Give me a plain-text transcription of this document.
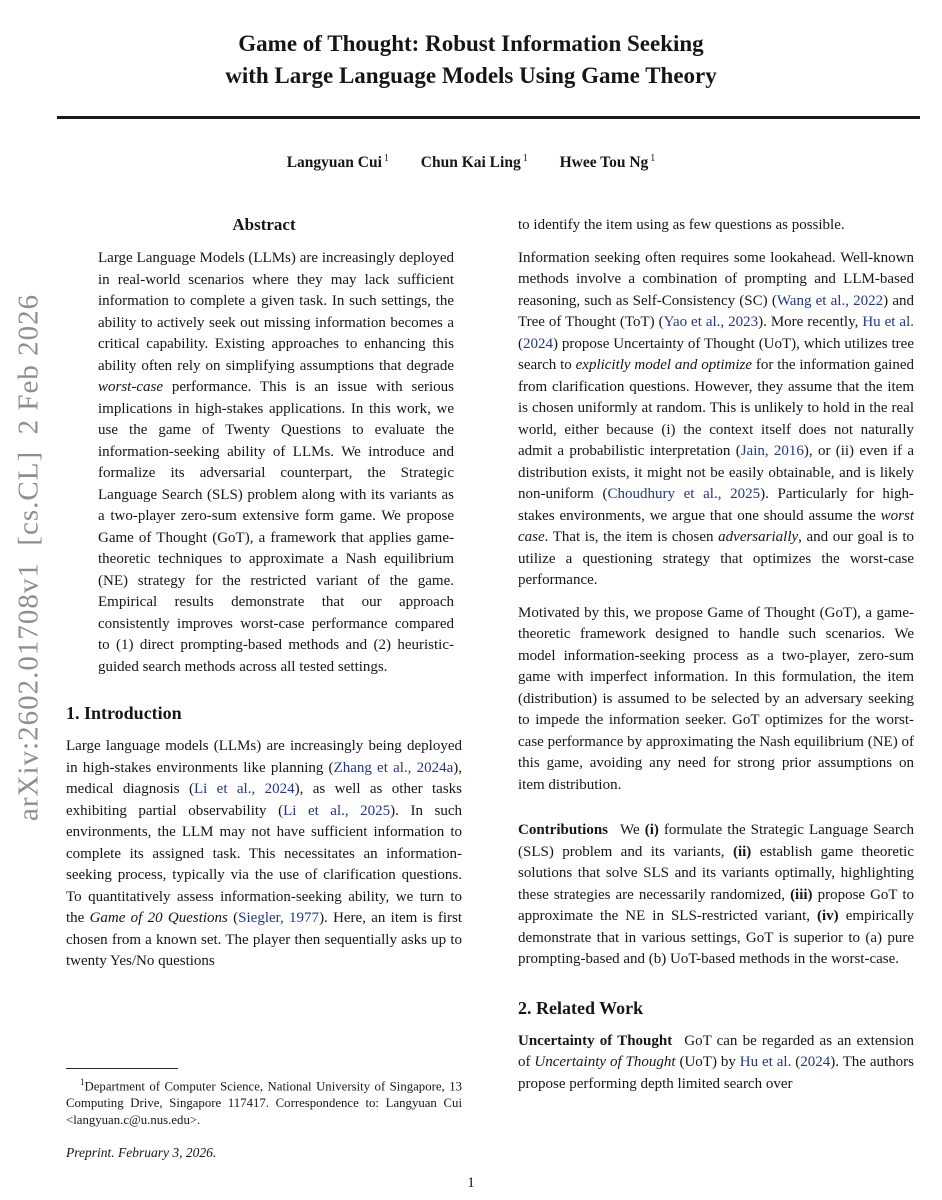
arXiv:2602.01708v1  [cs.CL]  2 Feb 2026
Game of Thought: Robust Information Seeking
with Large Language Models Using Game Theory
Langyuan Cui $^1$ Chun Kai Ling $^1$ Hwee Tou Ng $^1$
Abstract

Large Language Models (LLMs) are increasingly deployed in real-world scenarios where they may lack sufficient information to complete a given task. In such settings, the ability to actively seek out missing information becomes a critical capability. Existing approaches to enhancing this ability often rely on simplifying assumptions that degrade worst-case performance. This is an issue with serious implications in high-stakes applications. In this work, we use the game of Twenty Questions to evaluate the information-seeking ability of LLMs. We introduce and formalize its adversarial counterpart, the Strategic Language Search (SLS) problem along with its variants as a two-player zero-sum extensive form game. We propose Game of Thought (GoT), a framework that applies game-theoretic techniques to approximate a Nash equilibrium (NE) strategy for the restricted variant of the game. Empirical results demonstrate that our approach consistently improves worst-case performance compared to (1) direct prompting-based methods and (2) heuristic-guided search methods across all tested settings.

1. Introduction

Large language models (LLMs) are increasingly being deployed in high-stakes environments like planning (Zhang et al., 2024a), medical diagnosis (Li et al., 2024), as well as other tasks exhibiting partial observability (Li et al., 2025). In such environments, the LLM may not have sufficient information to complete its assigned task. This necessitates an information-seeking process, typically via the use of clarification questions. To quantitatively assess information-seeking ability, we turn to the Game of 20 Questions (Siegler, 1977). Here, an item is first chosen from a known set. The player then sequentially asks up to twenty Yes/No questions

$^1$Department of Computer Science, National University of Singapore, 13 Computing Drive, Singapore 117417. Correspondence to: Langyuan Cui <langyuan.c@u.nus.edu>.

Preprint. February 3, 2026.

to identify the item using as few questions as possible.

Information seeking often requires some lookahead. Well-known methods involve a combination of prompting and LLM-based reasoning, such as Self-Consistency (SC) (Wang et al., 2022) and Tree of Thought (ToT) (Yao et al., 2023). More recently, Hu et al. (2024) propose Uncertainty of Thought (UoT), which utilizes tree search to explicitly model and optimize for the information gained from clarification questions. However, they assume that the item is chosen uniformly at random. This is unlikely to hold in the real world, either because (i) the context itself does not naturally admit a probabilistic interpretation (Jain, 2016), or (ii) even if a distribution exists, it might not be easily obtainable, and is likely non-uniform (Choudhury et al., 2025). Particularly for high-stakes environments, we argue that one should assume the worst case. That is, the item is chosen adversarially, and our goal is to utilize a questioning strategy that optimizes the worst-case performance.

Motivated by this, we propose Game of Thought (GoT), a game-theoretic framework designed to handle such scenarios. We model information-seeking process as a two-player, zero-sum game with imperfect information. In this formulation, the item (distribution) is assumed to be selected by an adversary seeking to impede the information seeker. GoT optimizes for the worst-case performance by approximating the Nash equilibrium (NE) of this game, avoiding any need for strong prior assumptions on item distribution.

Contributions We (i) formulate the Strategic Language Search (SLS) problem and its variants, (ii) establish game theoretic solutions that solve SLS and its variants optimally, highlighting these strategies are necessarily randomized, (iii) propose GoT to approximate the NE in SLS-restricted variant, (iv) empirically demonstrate that in various settings, GoT is superior to (a) pure prompting-based and (b) UoT-based methods in the worst-case.

2. Related Work

Uncertainty of Thought GoT can be regarded as an extension of Uncertainty of Thought (UoT) by Hu et al. (2024). The authors propose performing depth limited search over

1
